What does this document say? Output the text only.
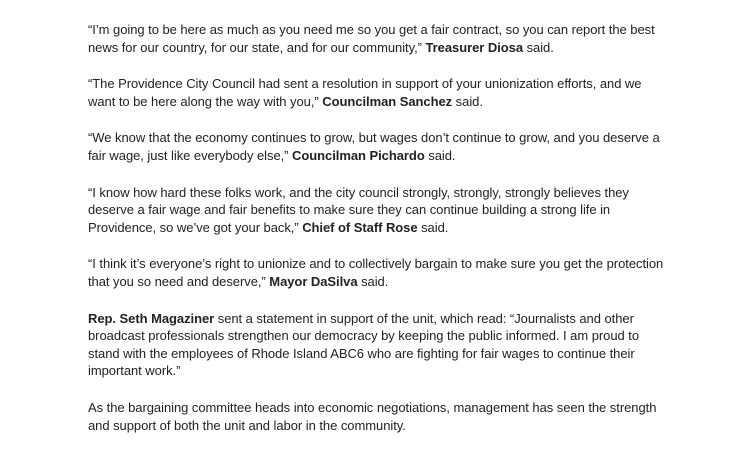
“I’m going to be here as much as you need me so you get a fair contract, so you can report the best news for our country, for our state, and for our community,” Treasurer Diosa said.

“The Providence City Council had sent a resolution in support of your unionization efforts, and we want to be here along the way with you,” Councilman Sanchez said.

“We know that the economy continues to grow, but wages don’t continue to grow, and you deserve a fair wage, just like everybody else,” Councilman Pichardo said.

“I know how hard these folks work, and the city council strongly, strongly, strongly believes they deserve a fair wage and fair benefits to make sure they can continue building a strong life in Providence, so we’ve got your back,” Chief of Staff Rose said.

“I think it’s everyone’s right to unionize and to collectively bargain to make sure you get the protection that you so need and deserve,” Mayor DaSilva said.

Rep. Seth Magaziner sent a statement in support of the unit, which read: “Journalists and other broadcast professionals strengthen our democracy by keeping the public informed. I am proud to stand with the employees of Rhode Island ABC6 who are fighting for fair wages to continue their important work.”

As the bargaining committee heads into economic negotiations, management has seen the strength and support of both the unit and labor in the community.
